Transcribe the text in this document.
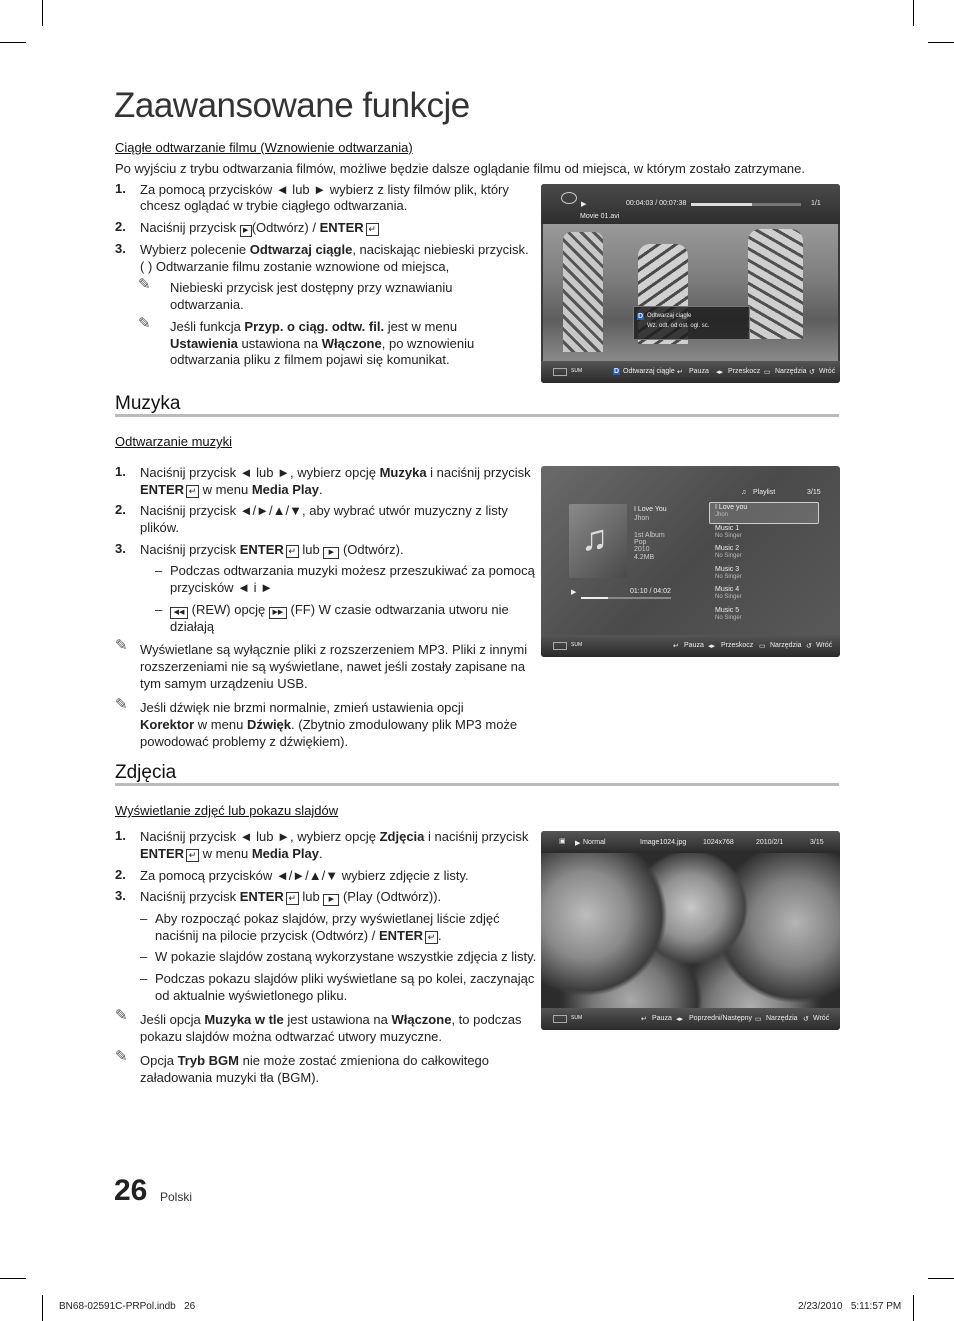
Zaawansowane funkcje
Ciągłe odtwarzanie filmu (Wznowienie odtwarzania)
Po wyjściu z trybu odtwarzania filmów, możliwe będzie dalsze oglądanie filmu od miejsca, w którym zostało zatrzymane.
1. Za pomocą przycisków ◄ lub ► wybierz z listy filmów plik, który
chcesz oglądać w trybie ciągłego odtwarzania.
2. Naciśnij przycisk ▶ (Odtwórz) / ENTER ↵
3. Wybierz polecenie Odtwarzaj ciągle, naciskając niebieski przycisk.
( ) Odtwarzanie filmu zostanie wznowione od miejsca,
✎ Niebieski przycisk jest dostępny przy wznawianiu
odtwarzania.
✎ Jeśli funkcja Przyp. o ciąg. odtw. fil. jest w menu
Ustawienia ustawiona na Włączone, po wznowieniu
odtwarzania pliku z filmem pojawi się komunikat.
▶	00:04:03 / 00:07:38	1/1
Movie 01.avi
D Odtwarzaj ciągle
Wz. odt. od ost. ogl. sc.
SUM	D Odtwarzaj ciągle ↵ Pauza ◂▸ Przeskocz ▭ Narzędzia ↺ Wróć
Muzyka
Odtwarzanie muzyki
1. Naciśnij przycisk ◄ lub ►, wybierz opcję Muzyka i naciśnij przycisk
ENTER ↵ w menu Media Play.
2. Naciśnij przycisk ◄/►/▲/▼, aby wybrać utwór muzyczny z listy
plików.
3. Naciśnij przycisk ENTER ↵ lub ▶ (Odtwórz).
– Podczas odtwarzania muzyki możesz przeszukiwać za pomocą
przycisków ◄ i ►
–	◀◀ (REW) opcję ▶▶ (FF) W czasie odtwarzania utworu nie
działają
✎ Wyświetlane są wyłącznie pliki z rozszerzeniem MP3. Pliki z innymi
rozszerzeniami nie są wyświetlane, nawet jeśli zostały zapisane na
tym samym urządzeniu USB.
✎ Jeśli dźwięk nie brzmi normalnie, zmień ustawienia opcji
Korektor w menu Dźwięk. (Zbytnio zmodulowany plik MP3 może
powodować problemy z dźwiękiem).
♫
I Love You
Jhon
1st Album
Pop
2010
4.2MB
▶	01:10 / 04:02
♫ Playlist	3/15
SUM	↵ Pauza ◂▸ Przeskocz ▭ Narzędzia ↺ Wróć
I Love you
Jhon
Music 1
No Singer
Music 2
No Singer
Music 3
No Singer
Music 4
No Singer
Music 5
No Singer
Zdjęcia
Wyświetlanie zdjęć lub pokazu slajdów
1. Naciśnij przycisk ◄ lub ►, wybierz opcję Zdjęcia i naciśnij przycisk
ENTER ↵ w menu Media Play.
2. Za pomocą przycisków ◄/►/▲/▼ wybierz zdjęcie z listy.
3. Naciśnij przycisk ENTER ↵ lub ▶ (Play (Odtwórz)).
– Aby rozpocząć pokaz slajdów, przy wyświetlanej liście zdjęć
naciśnij na pilocie przycisk (Odtwórz) / ENTER ↵ .
– W pokazie slajdów zostaną wykorzystane wszystkie zdjęcia z listy.
– Podczas pokazu slajdów pliki wyświetlane są po kolei, zaczynając
od aktualnie wyświetlonego pliku.
✎ Jeśli opcja Muzyka w tle jest ustawiona na Włączone, to podczas
pokazu slajdów można odtwarzać utwory muzyczne.
✎ Opcja Tryb BGM nie może zostać zmieniona do całkowitego
załadowania muzyki tła (BGM).
▣ ▶ Normal	Image1024.jpg 1024x768	2010/2/1	3/15
SUM	↵ Pauza ◂▸ Poprzedni/Następny ▭ Narzędzia ↺ Wróć
26 Polski
BN68-02591C-PRPol.indb   26	2/23/2010   5:11:57 PM
